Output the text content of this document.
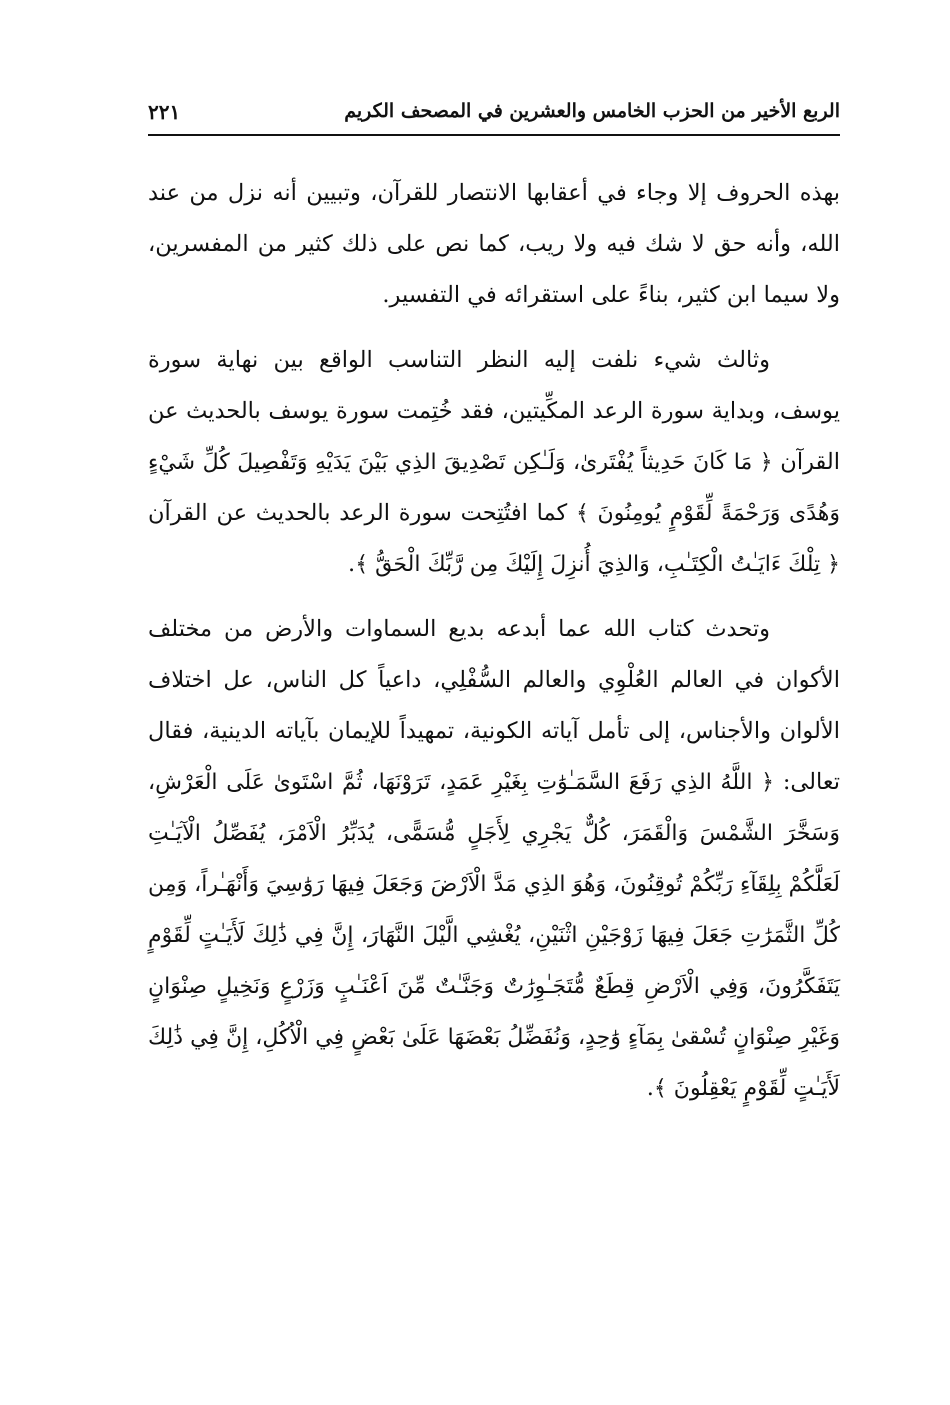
الربع الأخير من الحزب الخامس والعشرين في المصحف الكريم
٢٢١

بهذه الحروف إلا وجاء في أعقابها الانتصار للقرآن، وتبيين أنه نزل من عند الله، وأنه حق لا شك فيه ولا ريب، كما نص على ذلك كثير من المفسرين، ولا سيما ابن كثير، بناءً على استقرائه في التفسير.

وثالث شيء نلفت إليه النظر التناسب الواقع بين نهاية سورة يوسف، وبداية سورة الرعد المكِّيتين، فقد خُتِمت سورة يوسف بالحديث عن القرآن ﴿ مَا كَانَ حَدِيثاً يُفْتَرىٰ، وَلَـٰكِن تَصْدِيقَ الذِي بَيْنَ يَدَيْهِ وَتَفْصِيلَ كُلِّ شَيْءٍ وَهُدًى وَرَحْمَةً لِّقَوْمٍ يُومِنُونَ ﴾ كما افتُتِحت سورة الرعد بالحديث عن القرآن ﴿ تِلْكَ ءَايَـٰتُ الْكِتَـٰبِ، وَالذِيَ أُنزِلَ إِلَيْكَ مِن رَّبِّكَ الْحَقُّ ﴾.

وتحدث كتاب الله عما أبدعه بديع السماوات والأرض من مختلف الأكوان في العالم العُلْوِي والعالم السُّفْلِي، داعياً كل الناس، عل اختلاف الألوان والأجناس، إلى تأمل آياته الكونية، تمهيداً للإيمان بآياته الدينية، فقال تعالى: ﴿ اللَّهُ الذِي رَفَعَ السَّمَـٰوَٰتِ بِغَيْرِ عَمَدٍ، تَرَوْنَهَا، ثُمَّ اسْتَوىٰ عَلَى الْعَرْشِ، وَسَخَّرَ الشَّمْسَ وَالْقَمَرَ، كُلٌّ يَجْرِي لِأَجَلٍ مُّسَمًّى، يُدَبِّرُ الْاَمْرَ، يُفَصِّلُ الْآيَـٰتِ لَعَلَّكُمْ بِلِقَآءِ رَبِّكُمْ تُوقِنُونَ، وَهُوَ الذِي مَدَّ الْاَرْضَ وَجَعَلَ فِيهَا رَوَٰسِيَ وَأَنْهَـٰراً، وَمِن كُلِّ الثَّمَرَٰتِ جَعَلَ فِيهَا زَوْجَيْنِ اثْنَيْنِ، يُغْشِي الَّيْلَ النَّهَارَ، إِنَّ فِي ذَٰلِكَ لَأَيَـٰتٍ لِّقَوْمٍ يَتَفَكَّرُونَ، وَفِي الْاَرْضِ قِطَعٌ مُّتَجَـٰوِرَٰتٌ وَجَنَّـٰتٌ مِّنَ اَعْنَـٰبٍ وَزَرْعٍ وَنَخِيلٍ صِنْوَانٍ وَغَيْرِ صِنْوَانٍ تُسْقىٰ بِمَآءٍ وَٰحِدٍ، وَنُفَضِّلُ بَعْضَهَا عَلَىٰ بَعْضٍ فِي الْاُكُلِ، إِنَّ فِي ذَٰلِكَ لَأَيَـٰتٍ لِّقَوْمٍ يَعْقِلُونَ ﴾.
